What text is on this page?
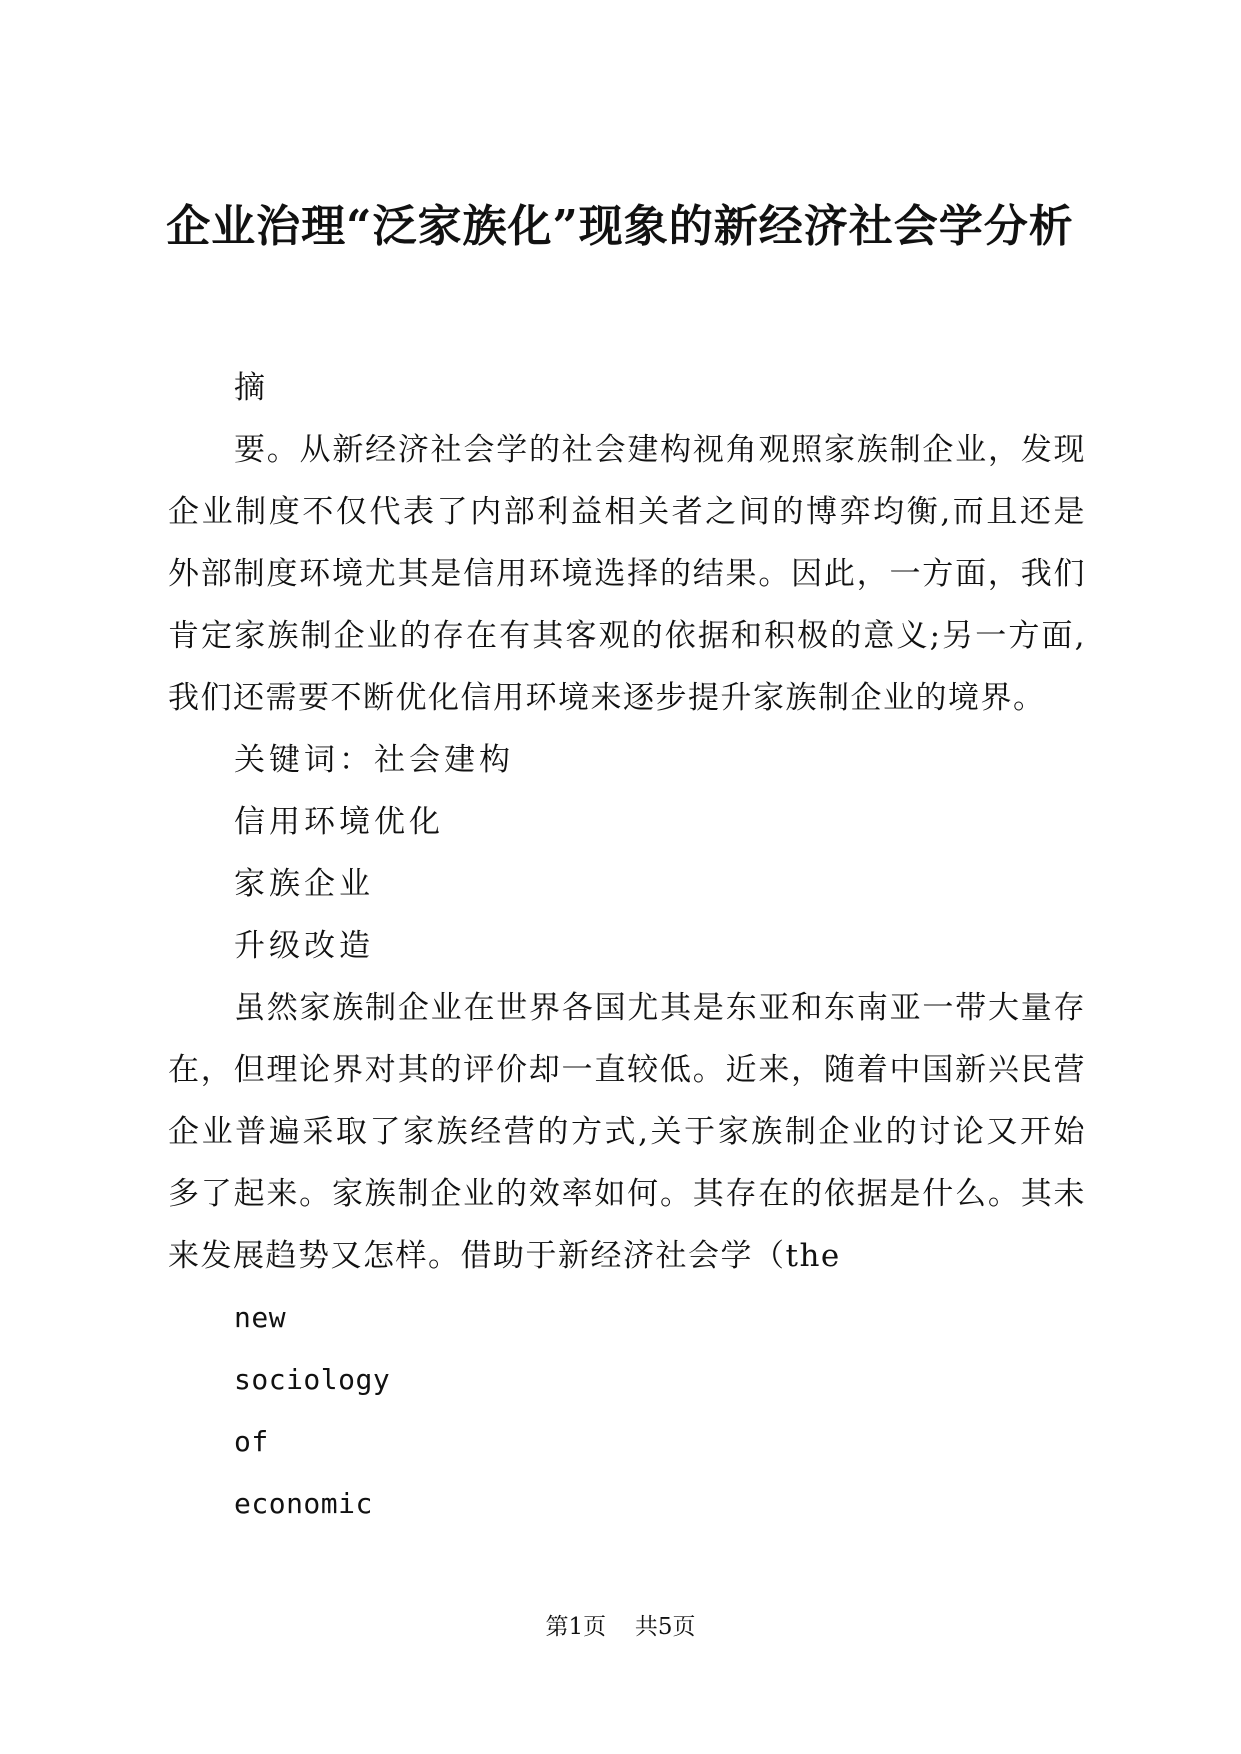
企业治理“泛家族化”现象的新经济社会学分析

摘

要。从新经济社会学的社会建构视角观照家族制企业，发现企业制度不仅代表了内部利益相关者之间的博弈均衡,而且还是外部制度环境尤其是信用环境选择的结果。因此，一方面，我们肯定家族制企业的存在有其客观的依据和积极的意义;另一方面,我们还需要不断优化信用环境来逐步提升家族制企业的境界。

关键词：社会建构

信用环境优化

家族企业

升级改造

虽然家族制企业在世界各国尤其是东亚和东南亚一带大量存在，但理论界对其的评价却一直较低。近来，随着中国新兴民营企业普遍采取了家族经营的方式,关于家族制企业的讨论又开始多了起来。家族制企业的效率如何。其存在的依据是什么。其未来发展趋势又怎样。借助于新经济社会学（the

new

sociology

of

economic

第1页 共5页
